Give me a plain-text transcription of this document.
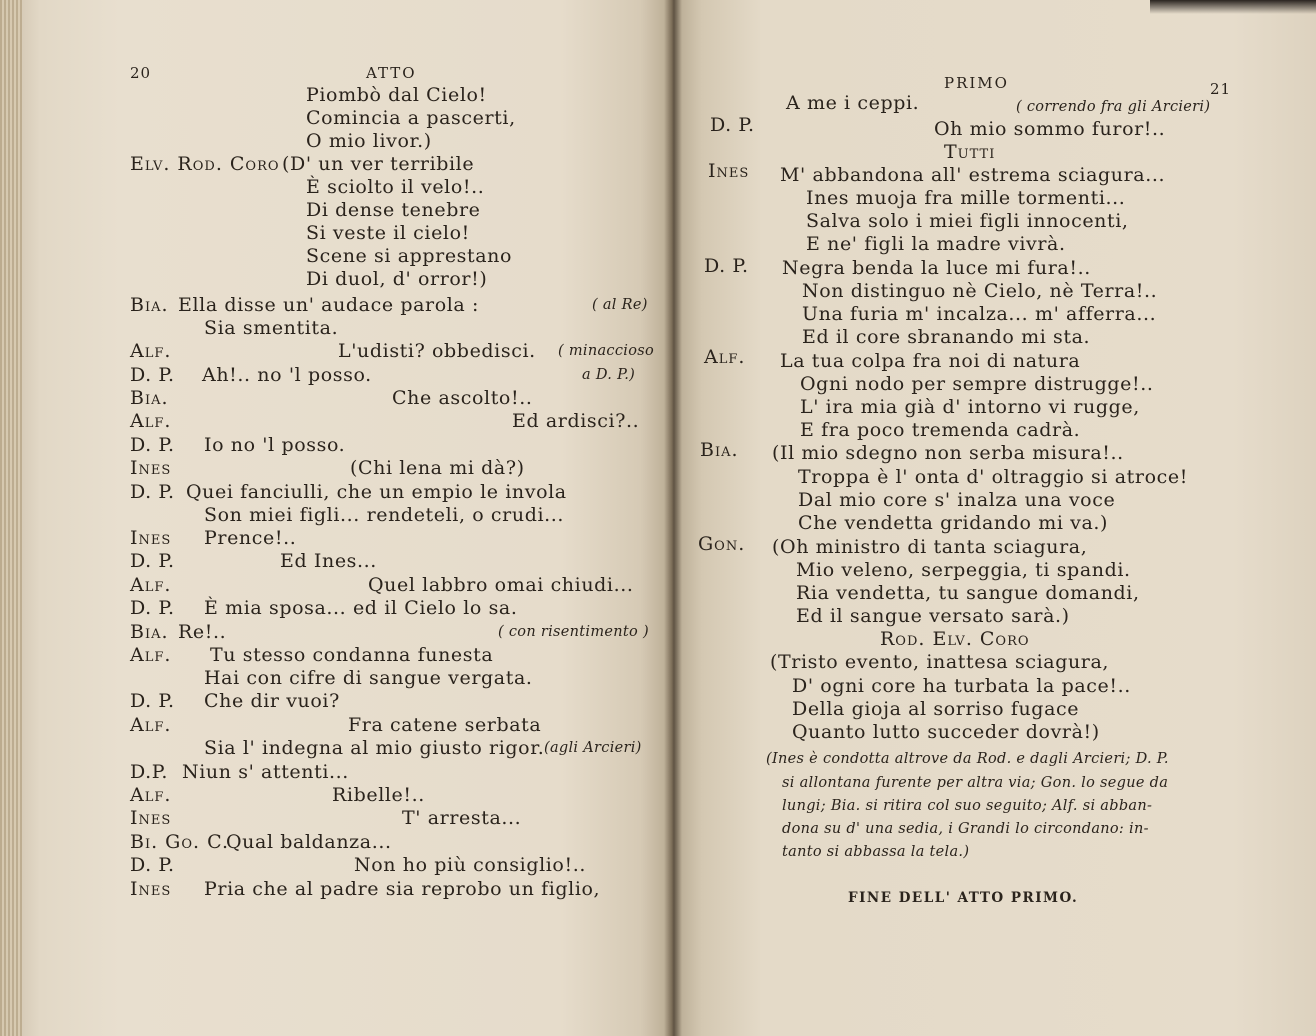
20	ATTO
Piombò dal Cielo!
Comincia a pascerti,
O mio livor.)
Elv. Rod. Coro (D' un ver terribile
È sciolto il velo!..
Di dense tenebre
Si veste il cielo!
Scene si apprestano
Di duol, d' orror!)
Bia. Ella disse un' audace parola :	( al Re)
Sia smentita.
Alf.	L'udisti? obbedisci. ( minaccioso
D. P. Ah!.. no 'l posso.	a D. P.)
Bia.	Che ascolto!..
Alf.	Ed ardisci?..
D. P. Io no 'l posso.
Ines	(Chi lena mi dà?)
D. P. Quei fanciulli, che un empio le invola
Son miei figli... rendeteli, o crudi...
Ines Prence!..
D. P.	Ed Ines...
Alf.	Quel labbro omai chiudi...
D. P. È mia sposa... ed il Cielo lo sa.
Bia. Re!..	( con risentimento )
Alf. Tu stesso condanna funesta
Hai con cifre di sangue vergata.
D. P. Che dir vuoi?
Alf.	Fra catene serbata
Sia l' indegna al mio giusto rigor. (agli Arcieri)
D.P. Niun s' attenti...
Alf.	Ribelle!..
Ines	T' arresta...
Bi. Go. C.
Qual baldanza...
D. P.	Non ho più consiglio!..
Ines Pria che al padre sia reprobo un figlio,
PRIMO	21
A me i ceppi.	( correndo fra gli Arcieri)
D. P.	Oh mio sommo furor!..
Tutti
Ines M' abbandona all' estrema sciagura...
Ines muoja fra mille tormenti...
Salva solo i miei figli innocenti,
E ne' figli la madre vivrà.
D. P. Negra benda la luce mi fura!..
Non distinguo nè Cielo, nè Terra!..
Una furia m' incalza... m' afferra...
Ed il core sbranando mi sta.
Alf. La tua colpa fra noi di natura
Ogni nodo per sempre distrugge!..
L' ira mia già d' intorno vi rugge,
E fra poco tremenda cadrà.
Bia. (Il mio sdegno non serba misura!..
Troppa è l' onta d' oltraggio si atroce!
Dal mio core s' inalza una voce
Che vendetta gridando mi va.)
Gon. (Oh ministro di tanta sciagura,
Mio veleno, serpeggia, ti spandi.
Ria vendetta, tu sangue domandi,
Ed il sangue versato sarà.)
Rod. Elv. Coro
(Tristo evento, inattesa sciagura,
D' ogni core ha turbata la pace!..
Della gioja al sorriso fugace
Quanto lutto succeder dovrà!)
(Ines è condotta altrove da Rod. e dagli Arcieri; D. P.
si allontana furente per altra via; Gon. lo segue da
lungi; Bia. si ritira col suo seguito; Alf. si abban-
dona su d' una sedia, i Grandi lo circondano: in-
tanto si abbassa la tela.)
FINE DELL' ATTO PRIMO.
